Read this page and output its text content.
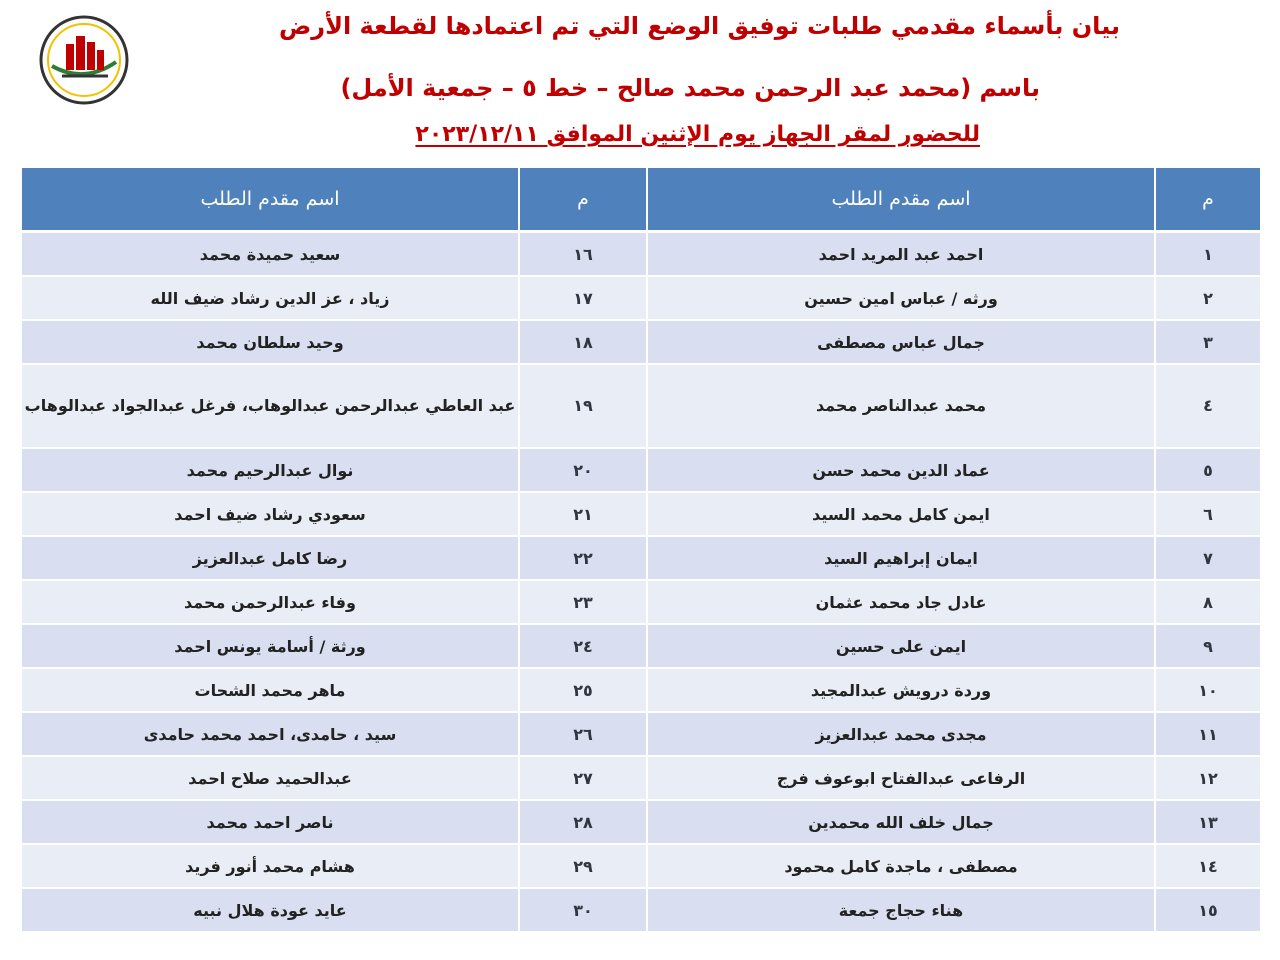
بيان بأسماء مقدمي طلبات توفيق الوضع التي تم اعتمادها لقطعة الأرض
باسم (محمد عبد الرحمن محمد صالح – خط ٥ – جمعية الأمل)
للحضور لمقر الجهاز يوم الإثنين الموافق ٢٠٢٣/١٢/١١
م	اسم مقدم الطلب	م	اسم مقدم الطلب
١	احمد عبد المريد احمد	١٦	سعيد حميدة محمد
٢	ورثه / عباس امين حسين	١٧	زياد ، عز الدين رشاد ضيف الله
٣	جمال عباس مصطفى	١٨	وحيد سلطان محمد
٤	محمد عبدالناصر محمد	١٩	عبد العاطي عبدالرحمن عبدالوهاب، فرغل عبدالجواد عبدالوهاب
٥	عماد الدين محمد حسن	٢٠	نوال عبدالرحيم محمد
٦	ايمن كامل محمد السيد	٢١	سعودي رشاد ضيف احمد
٧	ايمان إبراهيم السيد	٢٢	رضا كامل عبدالعزيز
٨	عادل جاد محمد عثمان	٢٣	وفاء عبدالرحمن محمد
٩	ايمن على حسين	٢٤	ورثة / أسامة يونس احمد
١٠	وردة درويش عبدالمجيد	٢٥	ماهر محمد الشحات
١١	مجدى محمد عبدالعزيز	٢٦	سيد ، حامدى، احمد محمد حامدى
١٢	الرفاعى عبدالفتاح ابوعوف فرج	٢٧	عبدالحميد صلاح احمد
١٣	جمال خلف الله محمدين	٢٨	ناصر احمد محمد
١٤	مصطفى ، ماجدة كامل محمود	٢٩	هشام محمد أنور فريد
١٥	هناء حجاج جمعة	٣٠	عايد عودة هلال نبيه
